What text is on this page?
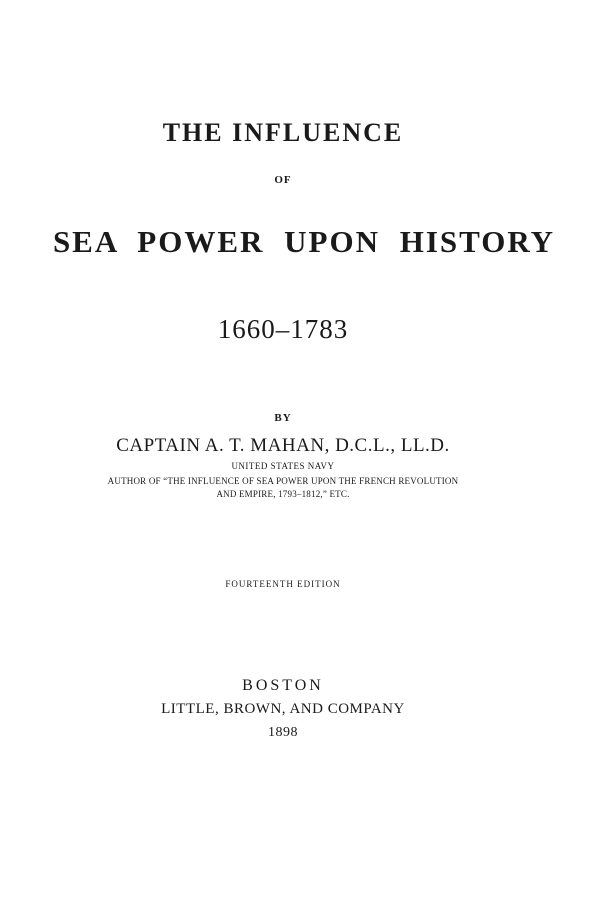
THE INFLUENCE
OF
SEA POWER UPON HISTORY
1660–1783
BY
CAPTAIN A. T. MAHAN, D.C.L., LL.D.
UNITED STATES NAVY
AUTHOR OF “THE INFLUENCE OF SEA POWER UPON THE FRENCH REVOLUTION
AND EMPIRE, 1793–1812,” ETC.
FOURTEENTH EDITION
BOSTON
LITTLE, BROWN, AND COMPANY
1898
